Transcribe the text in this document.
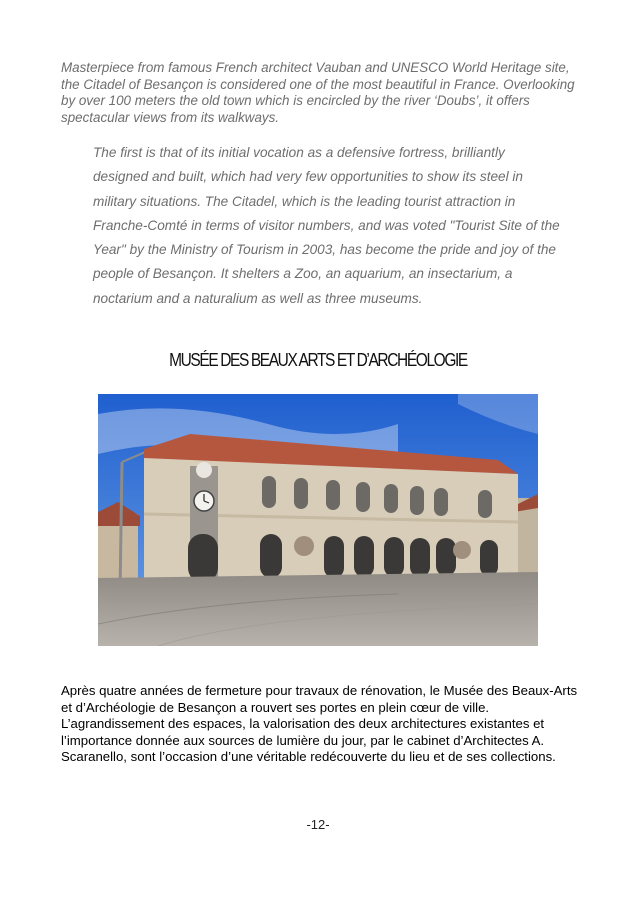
Masterpiece from famous French architect Vauban and UNESCO World Heritage site, the Citadel of Besançon is considered one of the most beautiful in France. Overlooking by over 100 meters the old town which is encircled by the river ‘Doubs’, it offers spectacular views from its walkways.

The first is that of its initial vocation as a defensive fortress, brilliantly designed and built, which had very few opportunities to show its steel in military situations. The Citadel, which is the leading tourist attraction in Franche-Comté in terms of visitor numbers, and was voted "Tourist Site of the Year" by the Ministry of Tourism in 2003, has become the pride and joy of the people of Besançon. It shelters a Zoo, an aquarium, an insectarium, a noctarium and a naturalium as well as three museums.

MUSÉE DES BEAUX ARTS ET D’ARCHÉOLOGIE

Après quatre années de fermeture pour travaux de rénovation, le Musée des Beaux-Arts et d’Archéologie de Besançon a rouvert ses portes en plein cœur de ville. L’agrandissement des espaces, la valorisation des deux architectures existantes et l’importance donnée aux sources de lumière du jour, par le cabinet d’Architectes A. Scaranello, sont l’occasion d’une véritable redécouverte du lieu et de ses collections.

-12-
